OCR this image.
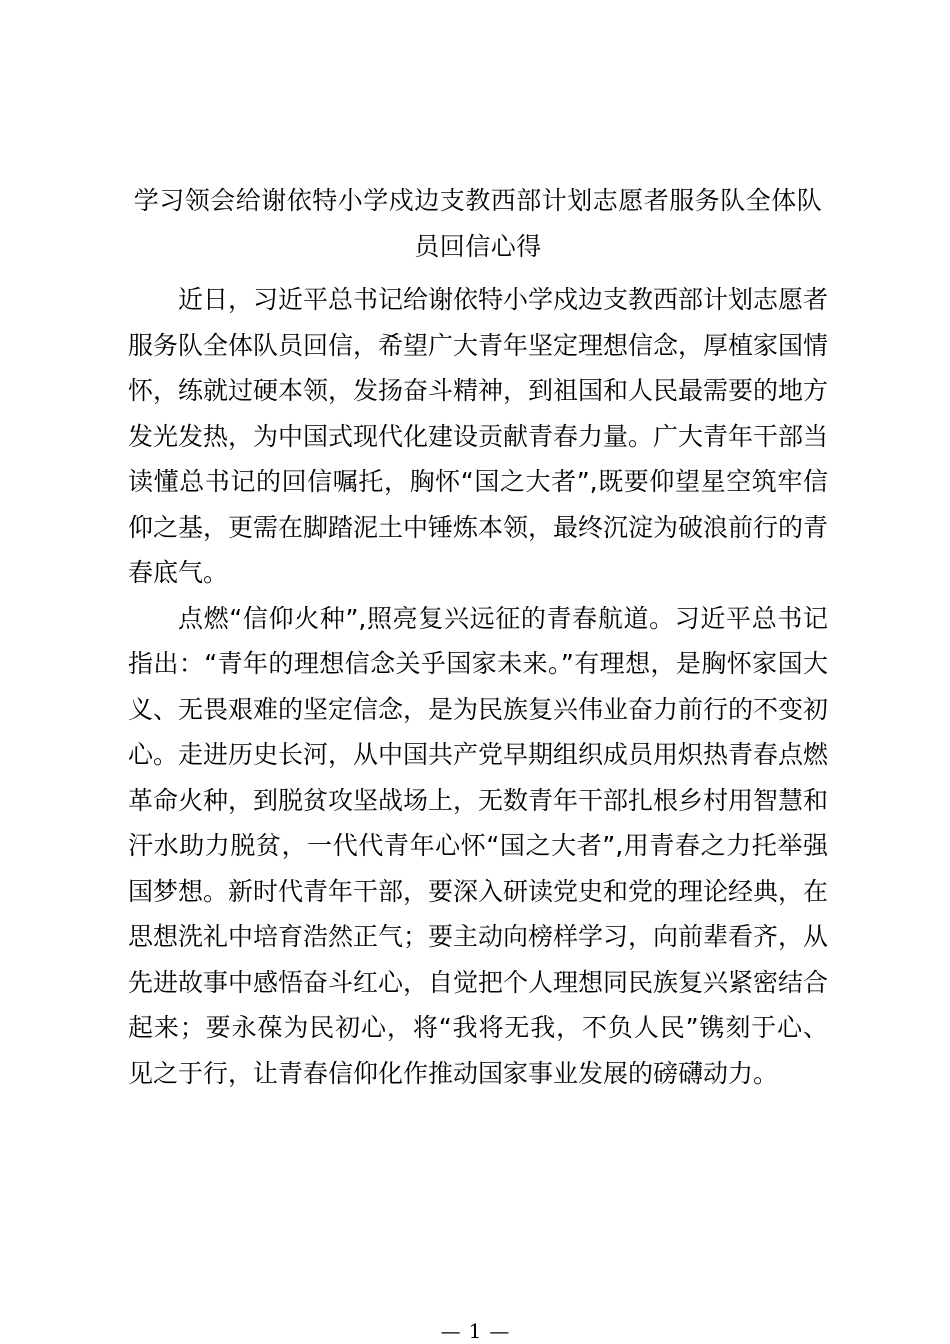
学习领会给谢依特小学戍边支教西部计划志愿者服务队全体队员回信心得

近日，习近平总书记给谢依特小学戍边支教西部计划志愿者服务队全体队员回信，希望广大青年坚定理想信念，厚植家国情怀，练就过硬本领，发扬奋斗精神，到祖国和人民最需要的地方发光发热，为中国式现代化建设贡献青春力量。广大青年干部当读懂总书记的回信嘱托，胸怀“国之大者”,既要仰望星空筑牢信仰之基，更需在脚踏泥土中锤炼本领，最终沉淀为破浪前行的青春底气。

点燃“信仰火种”,照亮复兴远征的青春航道。习近平总书记指出：“青年的理想信念关乎国家未来。”有理想，是胸怀家国大义、无畏艰难的坚定信念，是为民族复兴伟业奋力前行的不变初心。走进历史长河，从中国共产党早期组织成员用炽热青春点燃革命火种，到脱贫攻坚战场上，无数青年干部扎根乡村用智慧和汗水助力脱贫，一代代青年心怀“国之大者”,用青春之力托举强国梦想。新时代青年干部，要深入研读党史和党的理论经典，在思想洗礼中培育浩然正气；要主动向榜样学习，向前辈看齐，从先进故事中感悟奋斗红心，自觉把个人理想同民族复兴紧密结合起来；要永葆为民初心，将“我将无我，不负人民”镌刻于心、见之于行，让青春信仰化作推动国家事业发展的磅礴动力。

— 1 —
